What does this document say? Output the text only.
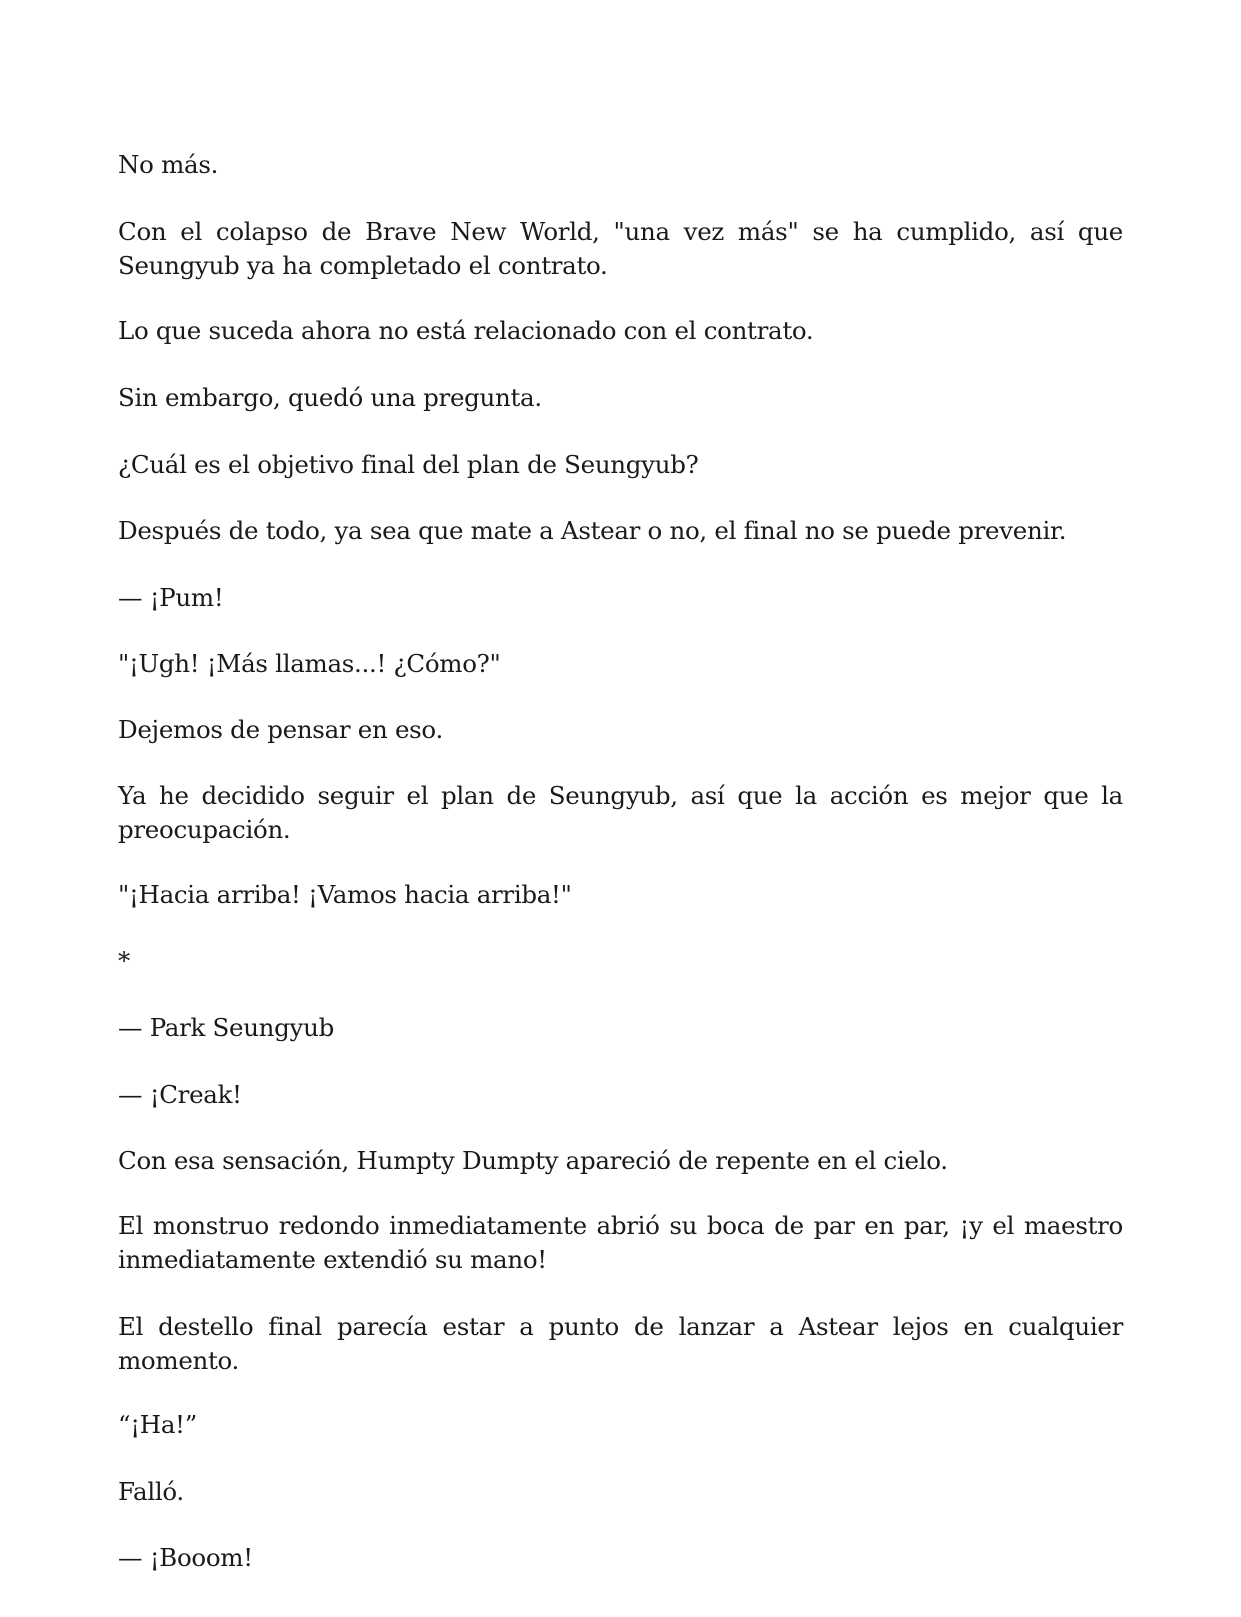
No más.

Con el colapso de Brave New World, "una vez más" se ha cumplido, así que Seungyub ya ha completado el contrato.

Lo que suceda ahora no está relacionado con el contrato.

Sin embargo, quedó una pregunta.

¿Cuál es el objetivo final del plan de Seungyub?

Después de todo, ya sea que mate a Astear o no, el final no se puede prevenir.

— ¡Pum!

"¡Ugh! ¡Más llamas...! ¿Cómo?"

Dejemos de pensar en eso.

Ya he decidido seguir el plan de Seungyub, así que la acción es mejor que la preocupación.

"¡Hacia arriba! ¡Vamos hacia arriba!"

*

— Park Seungyub

— ¡Creak!

Con esa sensación, Humpty Dumpty apareció de repente en el cielo.

El monstruo redondo inmediatamente abrió su boca de par en par, ¡y el maestro inmediatamente extendió su mano!

El destello final parecía estar a punto de lanzar a Astear lejos en cualquier momento.

“¡Ha!”

Falló.

— ¡Booom!
